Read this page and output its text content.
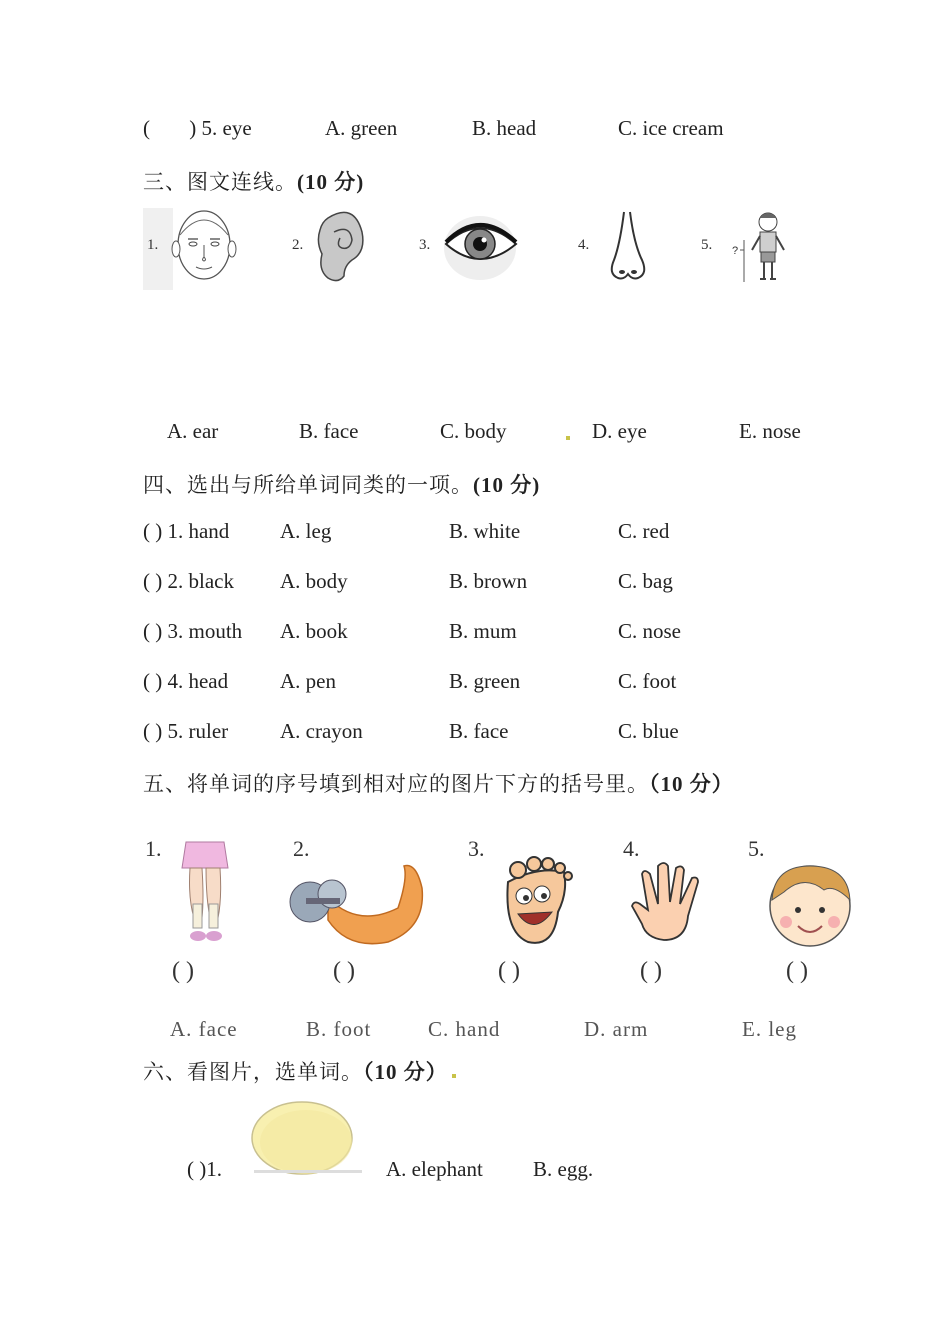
( ) 5. eye	A. green	B. head	C. ice cream
三、图文连线。(10 分)
1.	2.	3.	4.	5. ?
A. ear	B. face	C. body	D. eye	E. nose
四、选出与所给单词同类的一项。(10 分)
( ) 1. hand A. leg	B. white	C. red
( ) 2. black A. body	B. brown	C. bag
( ) 3. mouth A. book	B. mum	C. nose
( ) 4. head A. pen	B. green	C. foot
( ) 5. ruler A. crayon	B. face	C. blue
五、将单词的序号填到相对应的图片下方的括号里。（10 分）
1.	2.	3.	4.	5.
( )	( )	( )	( )	( )
A. face	B. foot	C. hand	D. arm	E. leg
六、看图片，选单词。（10 分）
( )1.	A. elephant B. egg.
